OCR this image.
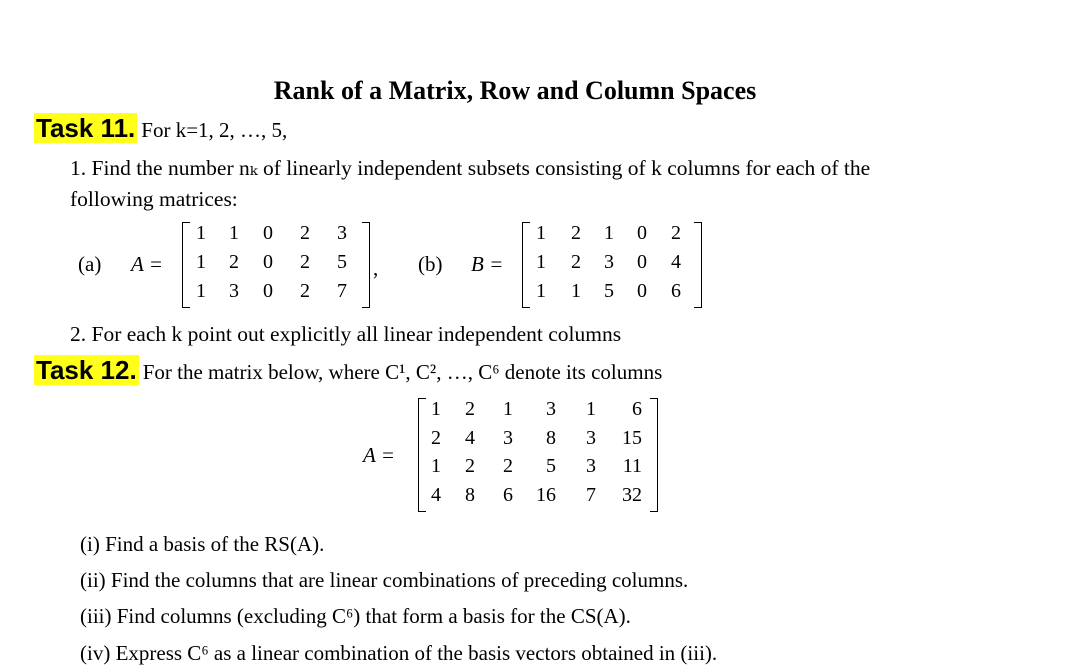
Rank of a Matrix, Row and Column Spaces
Task 11. For k=1, 2, …, 5,
1. Find the number nₖ of linearly independent subsets consisting of k columns for each of the following matrices:
(a) A =
1	1	0	2	3
1	2	0	2	5
1	3	0	2	7
, (b) B =
1	2	1	0	2
1	2	3	0	4
1	1	5	0	6
2. For each k point out explicitly all linear independent columns
Task 12. For the matrix below, where C¹, C², …, C⁶ denote its columns
A =
1	2	1	3	1	6
2	4	3	8	3	15
1	2	2	5	3	11
4	8	6	16	7	32
(i) Find a basis of the RS(A).
(ii) Find the columns that are linear combinations of preceding columns.
(iii) Find columns (excluding C⁶) that form a basis for the CS(A).
(iv) Express C⁶ as a linear combination of the basis vectors obtained in (iii).
